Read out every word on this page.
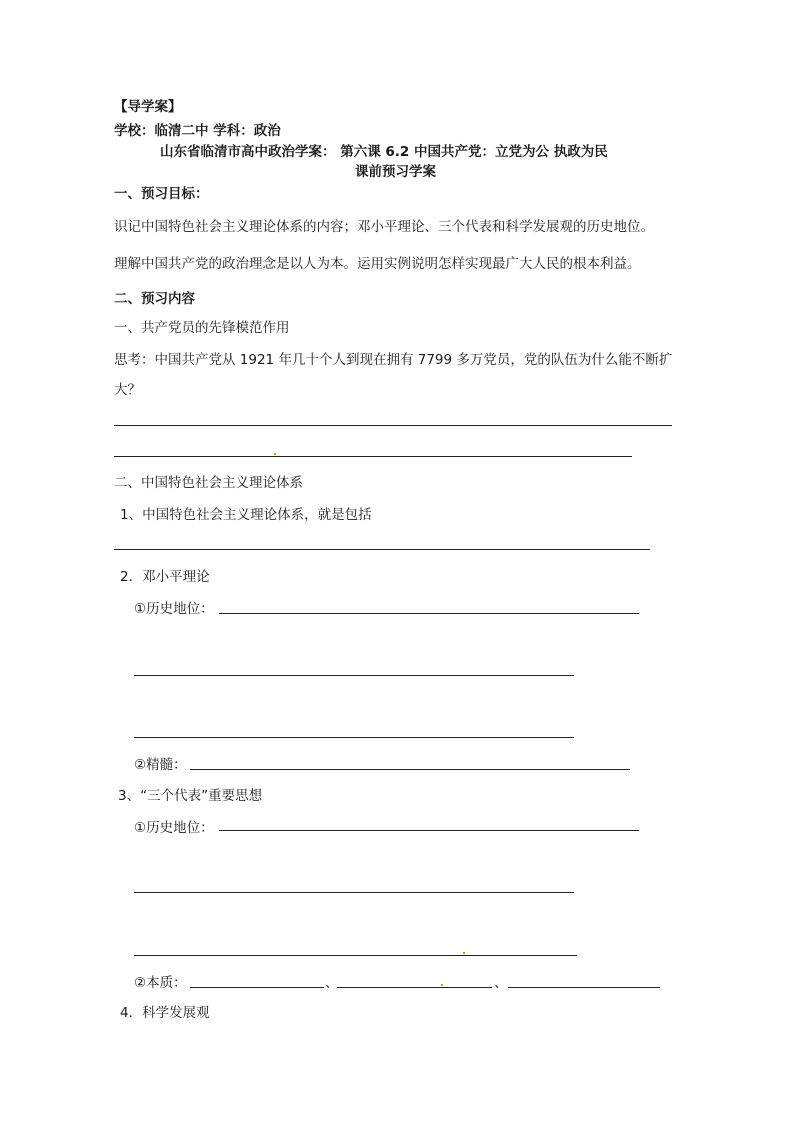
【导学案】
学校：临清二中 学科：政治
山东省临清市高中政治学案： 第六课 6.2 中国共产党：立党为公 执政为民
课前预习学案
一、预习目标：
识记中国特色社会主义理论体系的内容；邓小平理论、三个代表和科学发展观的历史地位。
理解中国共产党的政治理念是以人为本。运用实例说明怎样实现最广大人民的根本利益。
二、预习内容
一、共产党员的先锋模范作用
思考：中国共产党从 1921 年几十个人到现在拥有 7799 多万党员，党的队伍为什么能不断扩
大？
二、中国特色社会主义理论体系
1、中国特色社会主义理论体系，就是包括
2．邓小平理论
①历史地位：
②精髓：
3、“三个代表”重要思想
①历史地位：
②本质：	、	、
4．科学发展观
